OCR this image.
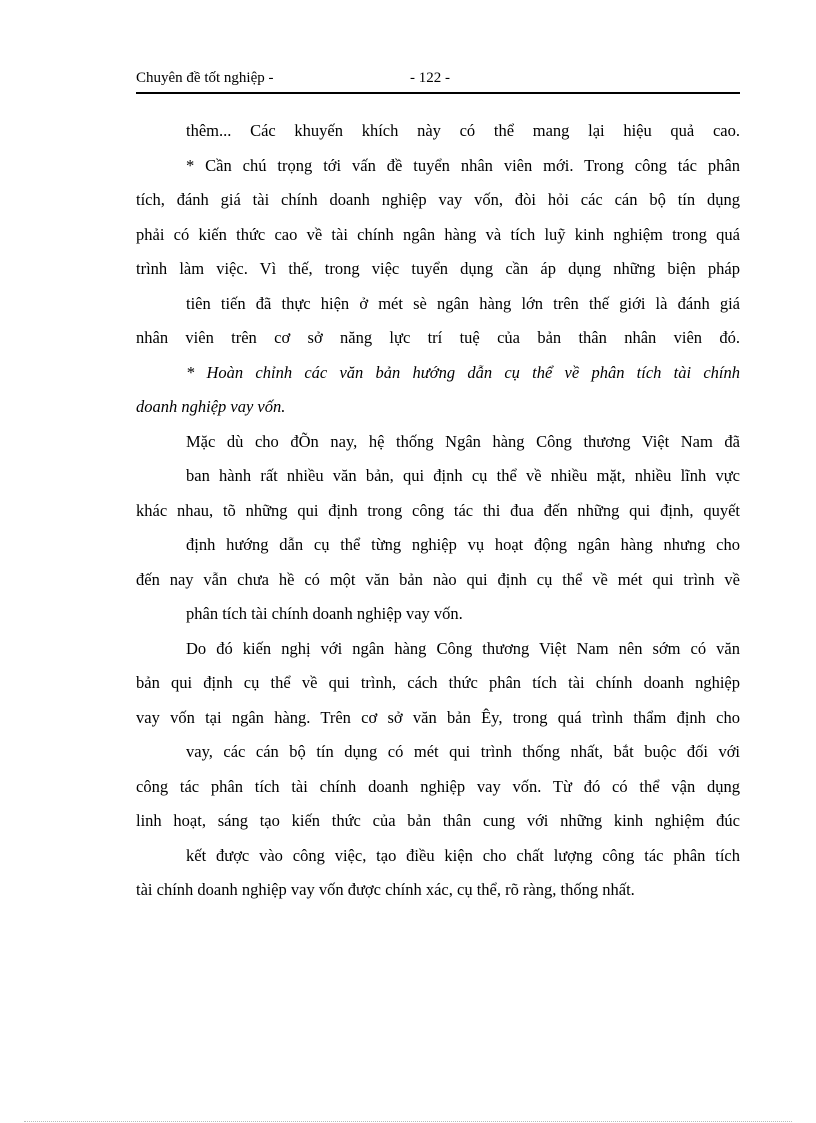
Chuyên đề tốt nghiệp -	- 122 -
thêm... Các khuyến khích này có thể mang lại hiệu quả cao.
* Cần chú trọng tới vấn đề tuyển nhân viên mới. Trong công tác phân
tích, đánh giá tài chính doanh nghiệp vay vốn, đòi hỏi các cán bộ tín dụng
phải có kiến thức cao về tài chính ngân hàng và tích luỹ kinh nghiệm trong quá
trình làm việc. Vì thế, trong việc tuyển dụng cần áp dụng những biện pháp
tiên tiến đã thực hiện ở mét sè ngân hàng lớn trên thế giới là đánh giá
nhân viên trên cơ sở năng lực trí tuệ của bản thân nhân viên đó.
* Hoàn chỉnh các văn bản hướng dẫn cụ thể về phân tích tài chính
doanh nghiệp vay vốn.
Mặc dù cho đÕn nay, hệ thống Ngân hàng Công thương Việt Nam đã
ban hành rất nhiều văn bản, qui định cụ thể về nhiều mặt, nhiều lĩnh vực
khác nhau, tõ những qui định trong công tác thi đua đến những qui định, quyết
định hướng dẫn cụ thể từng nghiệp vụ hoạt động ngân hàng nhưng cho
đến nay vẫn chưa hề có một văn bản nào qui định cụ thể về mét qui trình về
phân tích tài chính doanh nghiệp vay vốn.
Do đó kiến nghị với ngân hàng Công thương Việt Nam nên sớm có văn
bản qui định cụ thể về qui trình, cách thức phân tích tài chính doanh nghiệp
vay vốn tại ngân hàng. Trên cơ sở văn bản Êy, trong quá trình thẩm định cho
vay, các cán bộ tín dụng có mét qui trình thống nhất, bắt buộc đối với
công tác phân tích tài chính doanh nghiệp vay vốn. Từ đó có thể vận dụng
linh hoạt, sáng tạo kiến thức của bản thân cung với những kinh nghiệm đúc
kết được vào công việc, tạo điều kiện cho chất lượng công tác phân tích
tài chính doanh nghiệp vay vốn được chính xác, cụ thể, rõ ràng, thống nhất.
